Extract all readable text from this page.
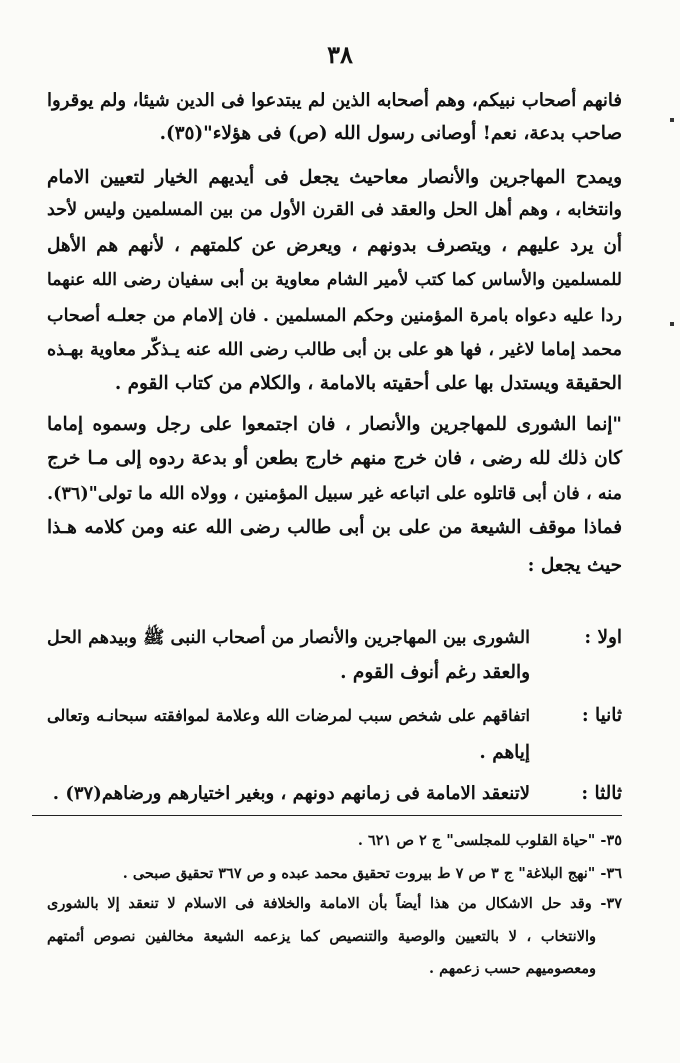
٣٨
فانهم أصحاب نبيكم، وهم أصحابه الذين لم يبتدعوا فى الدين شيئا، ولم يوقروا
صاحب بدعة، نعم! أوصانى رسول الله (ص) فى هؤلاء"(٣٥).
ويمدح المهاجرين والأنصار معاحيث يجعل فى أيديهم الخيار لتعيين الامام
وانتخابه ، وهم أهل الحل والعقد فى القرن الأول من بين المسلمين وليس لأحد
أن يرد عليهم ، ويتصرف بدونهم ، ويعرض عن كلمتهم ، لأنهم هم الأهل
للمسلمين والأساس كما كتب لأمير الشام معاوية بن أبى سفيان رضى الله عنهما
ردا عليه دعواه بامرة المؤمنين وحكم المسلمين . فان إلامام من جعلـه أصحاب
محمد إماما لاغير ، فها هو على بن أبى طالب رضى الله عنه يـذكّر معاوية بهـذه
الحقيقة ويستدل بها على أحقيته بالامامة ، والكلام من كتاب القوم .
"إنما الشورى للمهاجرين والأنصار ، فان اجتمعوا على رجل وسموه إماما
كان ذلك لله رضى ، فان خرج منهم خارج بطعن أو بدعة ردوه إلى مـا خرج
منه ، فان أبى قاتلوه على اتباعه غير سبيل المؤمنين ، وولاه الله ما تولى"(٣٦).
فماذا موقف الشيعة من على بن أبى طالب رضى الله عنه ومن كلامه هـذا
حيث يجعل :
اولا :
الشورى بين المهاجرين والأنصار من أصحاب النبى ﷺ وبيدهم الحل
والعقد رغم أنوف القوم .
ثانيا :
اتفاقهم على شخص سبب لمرضات الله وعلامة لموافقته سبحانـه وتعالى
إياهم .
ثالثا :
لاتنعقد الامامة فى زمانهم دونهم ، وبغير اختيارهم ورضاهم(٣٧) .
٣٥- "حياة القلوب للمجلسى" ج ٢ ص ٦٢١ .
٣٦- "نهج البلاغة" ج ٣ ص ٧ ط بيروت تحقيق محمد عبده و ص ٣٦٧ تحقيق صبحى .
٣٧- وقد حل الاشكال من هذا أيضاً بأن الامامة والخلافة فى الاسلام لا تنعقد إلا بالشورى
والانتخاب ، لا بالتعيين والوصية والتنصيص كما يزعمه الشيعة مخالفين نصوص أئمتهم
ومعصوميهم حسب زعمهم .
